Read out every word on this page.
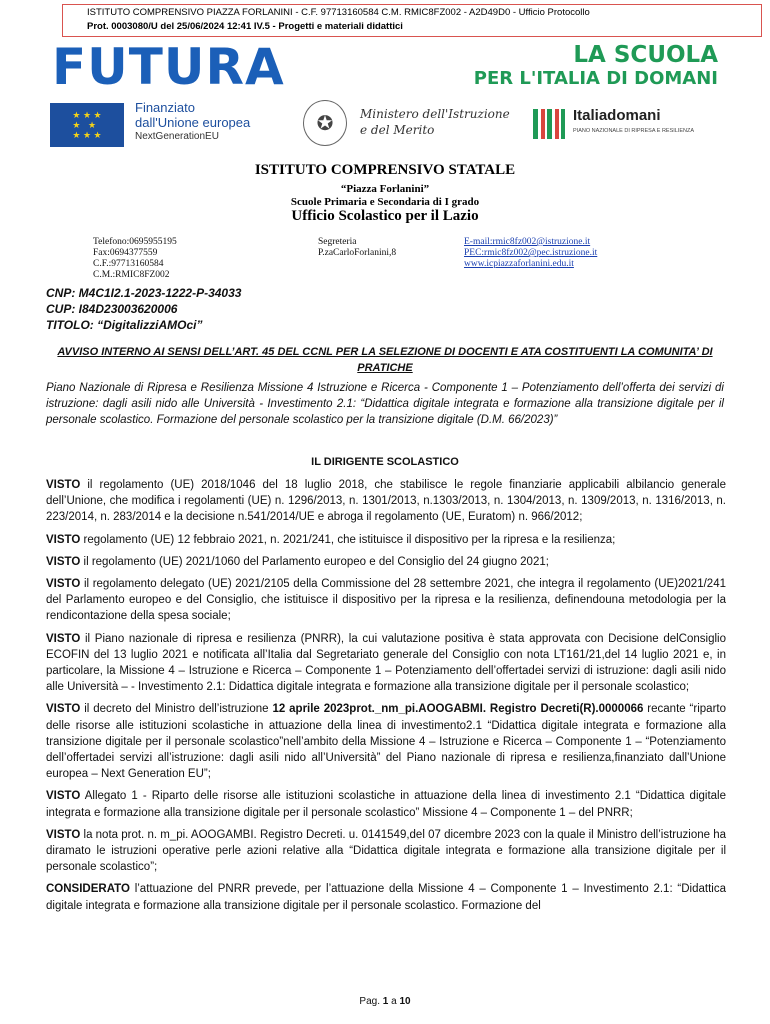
ISTITUTO COMPRENSIVO PIAZZA FORLANINI - C.F. 97713160584 C.M. RMIC8FZ002 - A2D49D0 - Ufficio Protocollo
Prot. 0003080/U del 25/06/2024 12:41 IV.5 - Progetti e materiali didattici
FUTURA	LA SCUOLA
PER L'ITALIA DI DOMANI
★ ★ ★
★   ★
★ ★ ★
Finanziato
dall'Unione europea
NextGenerationEU
✪	Ministero dell'Istruzione
e del Merito
Italiadomani
PIANO NAZIONALE DI RIPRESA E RESILIENZA
ISTITUTO COMPRENSIVO STATALE
“Piazza Forlanini”
Scuole Primaria e Secondaria di I grado
Ufficio Scolastico per il Lazio
Telefono:0695955195
Fax:0694377559
C.F.:97713160584
C.M.:RMIC8FZ002
Segreteria
P.zaCarloForlanini,8
E-mail:rmic8fz002@istruzione.it
PEC:rmic8fz002@pec.istruzione.it
www.icpiazzaforlanini.edu.it
CNP: M4C1I2.1-2023-1222-P-34033
CUP: I84D23003620006
TITOLO: “DigitalizziAMOci”
AVVISO INTERNO AI SENSI DELL’ART. 45 DEL CCNL PER LA SELEZIONE DI DOCENTI E ATA COSTITUENTI LA COMUNITA’ DI PRATICHE
Piano Nazionale di Ripresa e Resilienza Missione 4 Istruzione e Ricerca - Componente 1 – Potenziamento dell’offerta dei servizi di istruzione: dagli asili nido alle Università - Investimento 2.1: “Didattica digitale integrata e formazione alla transizione digitale per il personale scolastico. Formazione del personale scolastico per la transizione digitale (D.M. 66/2023)”
IL DIRIGENTE SCOLASTICO

VISTO il regolamento (UE) 2018/1046 del 18 luglio 2018, che stabilisce le regole finanziarie applicabili albilancio generale dell’Unione, che modifica i regolamenti (UE) n. 1296/2013, n. 1301/2013, n.1303/2013, n. 1304/2013, n. 1309/2013, n. 1316/2013, n. 223/2014, n. 283/2014 e la decisione n.541/2014/UE e abroga il regolamento (UE, Euratom) n. 966/2012;

VISTO regolamento (UE) 12 febbraio 2021, n. 2021/241, che istituisce il dispositivo per la ripresa e la resilienza;

VISTO il regolamento (UE) 2021/1060 del Parlamento europeo e del Consiglio del 24 giugno 2021;

VISTO il regolamento delegato (UE) 2021/2105 della Commissione del 28 settembre 2021, che integra il regolamento (UE)2021/241 del Parlamento europeo e del Consiglio, che istituisce il dispositivo per la ripresa e la resilienza, definendouna metodologia per la rendicontazione della spesa sociale;

VISTO il Piano nazionale di ripresa e resilienza (PNRR), la cui valutazione positiva è stata approvata con Decisione delConsiglio ECOFIN del 13 luglio 2021 e notificata all’Italia dal Segretariato generale del Consiglio con nota LT161/21,del 14 luglio 2021 e, in particolare, la Missione 4 – Istruzione e Ricerca – Componente 1 – Potenziamento dell’offertadei servizi di istruzione: dagli asili nido alle Università – - Investimento 2.1: Didattica digitale integrata e formazione alla transizione digitale per il personale scolastico;

VISTO il decreto del Ministro dell’istruzione 12 aprile 2023prot._nm_pi.AOOGABMI. Registro Decreti(R).0000066 recante “riparto delle risorse alle istituzioni scolastiche in attuazione della linea di investimento2.1 “Didattica digitale integrata e formazione alla transizione digitale per il personale scolastico”nell’ambito della Missione 4 – Istruzione e Ricerca – Componente 1 – “Potenziamento dell’offertadei servizi all’istruzione: dagli asili nido all’Università” del Piano nazionale di ripresa e resilienza,finanziato dall’Unione europea – Next Generation EU”;

VISTO Allegato 1 - Riparto delle risorse alle istituzioni scolastiche in attuazione della linea di investimento 2.1 “Didattica digitale integrata e formazione alla transizione digitale per il personale scolastico” Missione 4 – Componente 1 – del PNRR;

VISTO la nota prot. n. m_pi. AOOGAMBI. Registro Decreti. u. 0141549,del 07 dicembre 2023 con la quale il Ministro dell’istruzione ha diramato le istruzioni operative perle azioni relative alla “Didattica digitale integrata e formazione alla transizione digitale per il personale scolastico”;

CONSIDERATO l’attuazione del PNRR prevede, per l’attuazione della Missione 4 – Componente 1 – Investimento 2.1: “Didattica digitale integrata e formazione alla transizione digitale per il personale scolastico. Formazione del

Pag. 1 a 10
